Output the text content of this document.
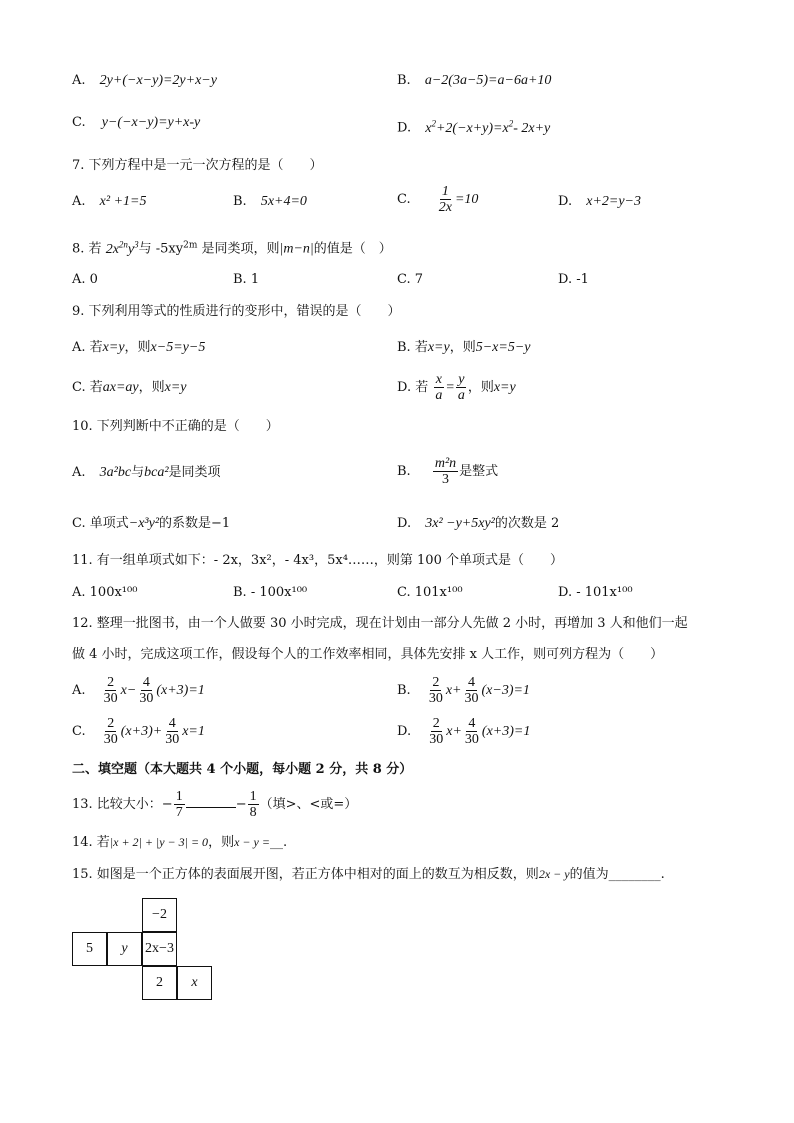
A. 2y+(−x−y)=2y+x−y	B. a−2(3a−5)=a−6a+10
C. y−(−x−y)=y+x-y	D. $x^2+2(-x+y)=x^2-$ 2x+y
7. 下列方程中是一元一次方程的是（　　）
A. x² +1=5	B. 5x+4=0	C. $\frac{1}{2x} =10$	D. x+2=y−3
8. 若 $2x^{2n}y^3$与 $-5xy^{2m}$ 是同类项，则|m−n|的值是（　）
A. 0	B. 1	C. 7	D. -1
9. 下列利用等式的性质进行的变形中，错误的是（　　）
A. 若x=y，则x−5=y−5	B. 若x=y，则5−x=5−y
C. 若ax=ay，则x=y	D. 若 $\frac{x}{a} = \frac{y}{a}$ ，则x=y
10. 下列判断中不正确的是（　　）
A. 3a²bc与bca²是同类项	B. $\frac{\text{m²n}}{3}$ 是整式
C. 单项式−x³y²的系数是−1	D. 3x² −y+5xy²的次数是 2
11. 有一组单项式如下：- 2x，3x²，- 4x³，5x⁴……，则第 100 个单项式是（　　）
A. 100x¹⁰⁰	B. - 100x¹⁰⁰	C. 101x¹⁰⁰	D. - 101x¹⁰⁰
12. 整理一批图书，由一个人做要 30 小时完成，现在计划由一部分人先做 2 小时，再增加 3 人和他们一起
做 4 小时，完成这项工作，假设每个人的工作效率相同，具体先安排 x 人工作，则可列方程为（　　）
A. $\frac{2}{30} x- \frac{4}{30} (x+3)=1$	B. $\frac{2}{30} x+ \frac{4}{30} (x-3)=1$
C. $\frac{2}{30} (x+3)+ \frac{4}{30} x=1$	D. $\frac{2}{30} x+ \frac{4}{30} (x+3)=1$
二、填空题（本大题共 4 个小题，每小题 2 分，共 8 分）
13. 比较大小：− $\frac{1}{7}$	− $\frac{1}{8}$ （填>、<或=）
14. 若|x + 2| + |y − 3| = 0，则x − y =__.
15. 如图是一个正方体的表面展开图，若正方体中相对的面上的数互为相反数，则2x − y的值为________.
−2
5	y	2x−3
2	x
